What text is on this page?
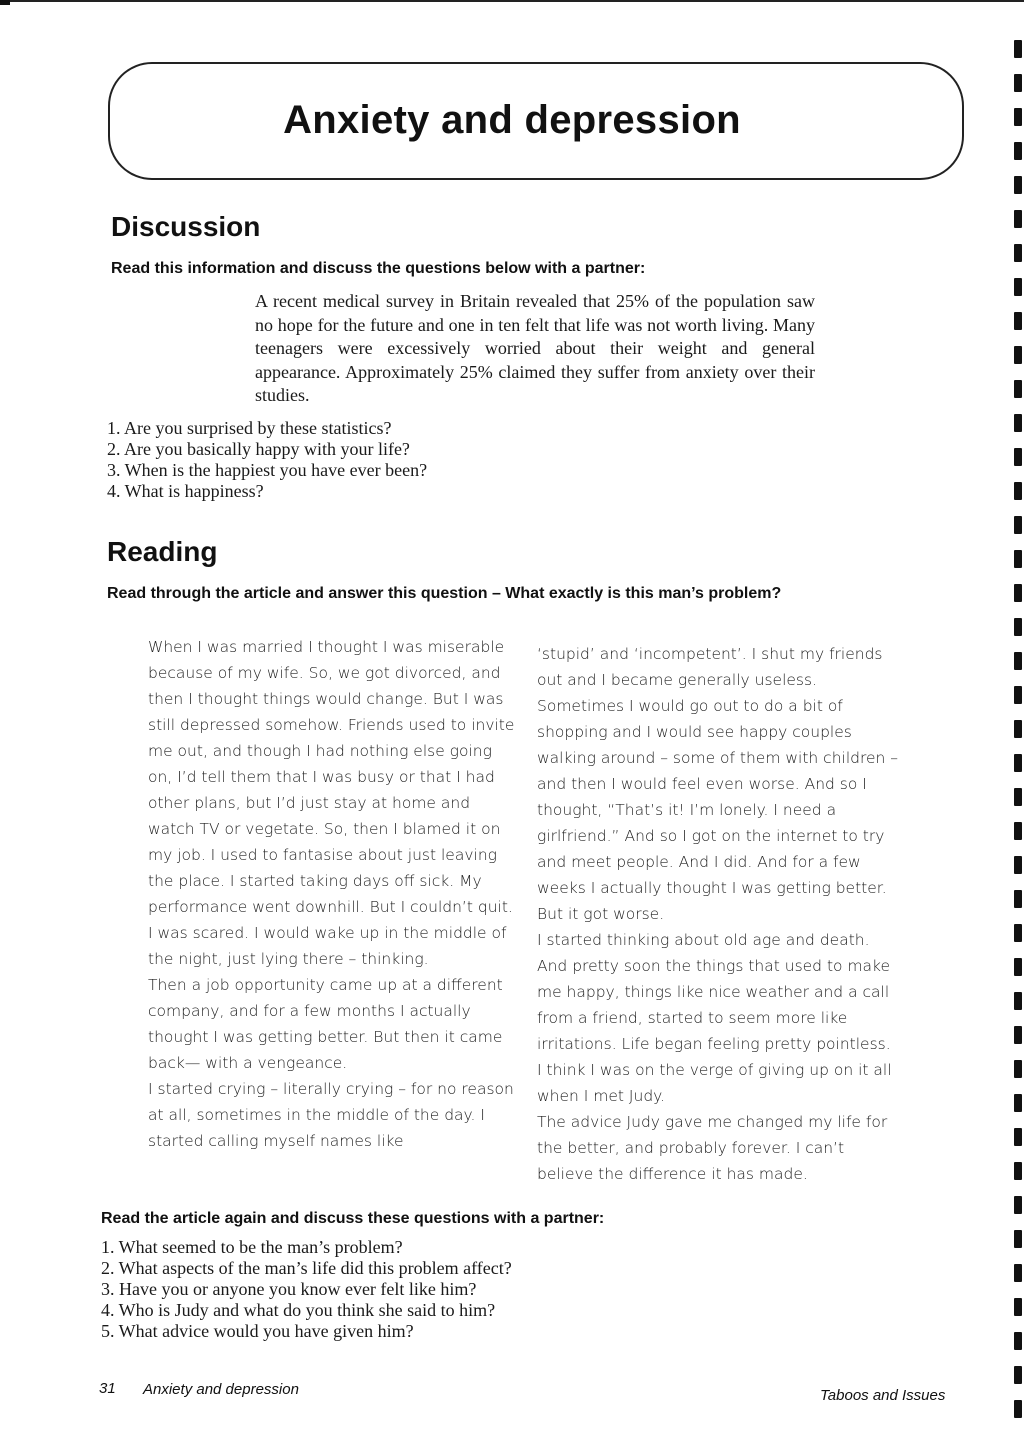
Anxiety and depression
Discussion

Read this information and discuss the questions below with a partner:

A recent medical survey in Britain revealed that 25% of the population saw no hope for the future and one in ten felt that life was not worth living. Many teenagers were excessively worried about their weight and general appearance. Approximately 25% claimed they suffer from anxiety over their studies.

1. Are you surprised by these statistics?
2. Are you basically happy with your life?
3. When is the happiest you have ever been?
4. What is happiness?
Reading

Read through the article and answer this question – What exactly is this man’s problem?

When I was married I thought I was miserable because of my wife. So, we got divorced, and then I thought things would change. But I was still depressed somehow. Friends used to invite me out, and though I had nothing else going on, I’d tell them that I was busy or that I had other plans, but I’d just stay at home and watch TV or vegetate. So, then I blamed it on my job. I used to fantasise about just leaving the place. I started taking days off sick. My performance went downhill. But I couldn’t quit. I was scared. I would wake up in the middle of the night, just lying there – thinking.

Then a job opportunity came up at a different company, and for a few months I actually thought I was getting better. But then it came back— with a vengeance.

I started crying – literally crying – for no reason at all, sometimes in the middle of the day. I started calling myself names like

‘stupid’ and ‘incompetent’. I shut my friends out and I became generally useless. Sometimes I would go out to do a bit of shopping and I would see happy couples walking around – some of them with children – and then I would feel even worse. And so I thought, “That’s it! I’m lonely. I need a girlfriend.” And so I got on the internet to try and meet people. And I did. And for a few weeks I actually thought I was getting better. But it got worse.

I started thinking about old age and death. And pretty soon the things that used to make me happy, things like nice weather and a call from a friend, started to seem more like irritations. Life began feeling pretty pointless. I think I was on the verge of giving up on it all when I met Judy.

The advice Judy gave me changed my life for the better, and probably forever. I can’t believe the difference it has made.

Read the article again and discuss these questions with a partner:

1. What seemed to be the man’s problem?
2. What aspects of the man’s life did this problem affect?
3. Have you or anyone you know ever felt like him?
4. Who is Judy and what do you think she said to him?
5. What advice would you have given him?
31 Anxiety and depression	Taboos and Issues
